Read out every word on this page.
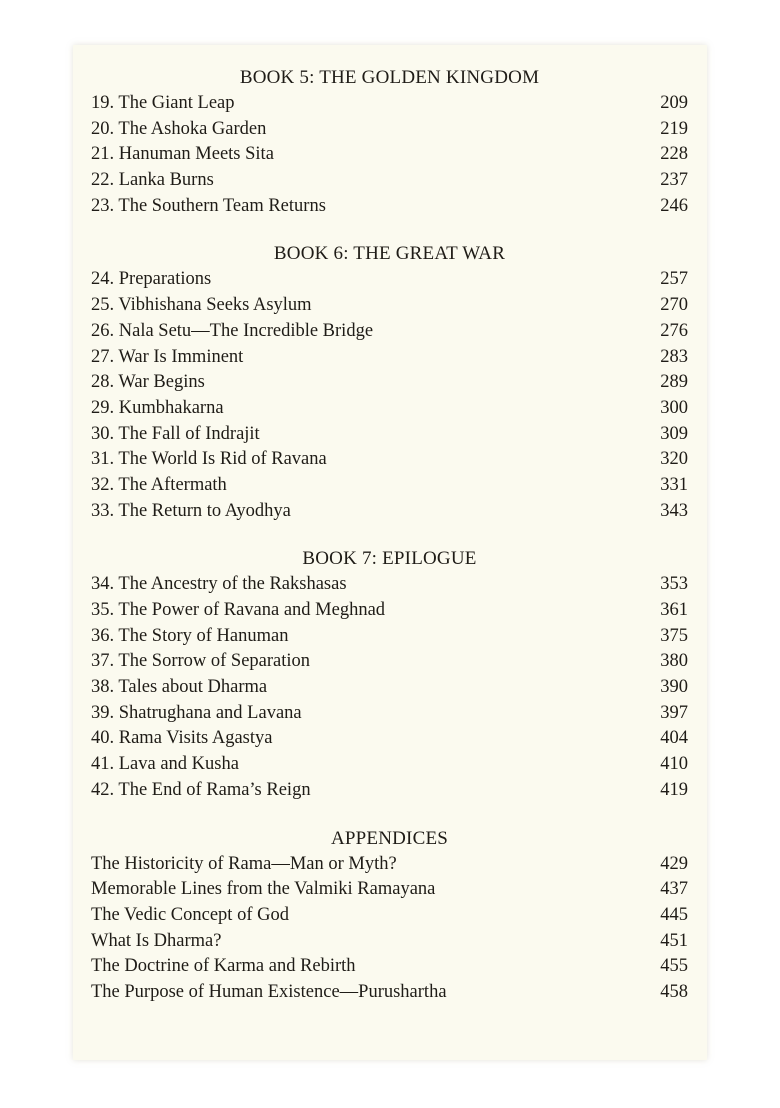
BOOK 5: THE GOLDEN KINGDOM
19. The Giant Leap	209
20. The Ashoka Garden	219
21. Hanuman Meets Sita	228
22. Lanka Burns	237
23. The Southern Team Returns	246
BOOK 6: THE GREAT WAR
24. Preparations	257
25. Vibhishana Seeks Asylum	270
26. Nala Setu—The Incredible Bridge	276
27. War Is Imminent	283
28. War Begins	289
29. Kumbhakarna	300
30. The Fall of Indrajit	309
31. The World Is Rid of Ravana	320
32. The Aftermath	331
33. The Return to Ayodhya	343
BOOK 7: EPILOGUE
34. The Ancestry of the Rakshasas	353
35. The Power of Ravana and Meghnad	361
36. The Story of Hanuman	375
37. The Sorrow of Separation	380
38. Tales about Dharma	390
39. Shatrughana and Lavana	397
40. Rama Visits Agastya	404
41. Lava and Kusha	410
42. The End of Rama’s Reign	419
APPENDICES
The Historicity of Rama—Man or Myth?	429
Memorable Lines from the Valmiki Ramayana	437
The Vedic Concept of God	445
What Is Dharma?	451
The Doctrine of Karma and Rebirth	455
The Purpose of Human Existence—Purushartha	458
